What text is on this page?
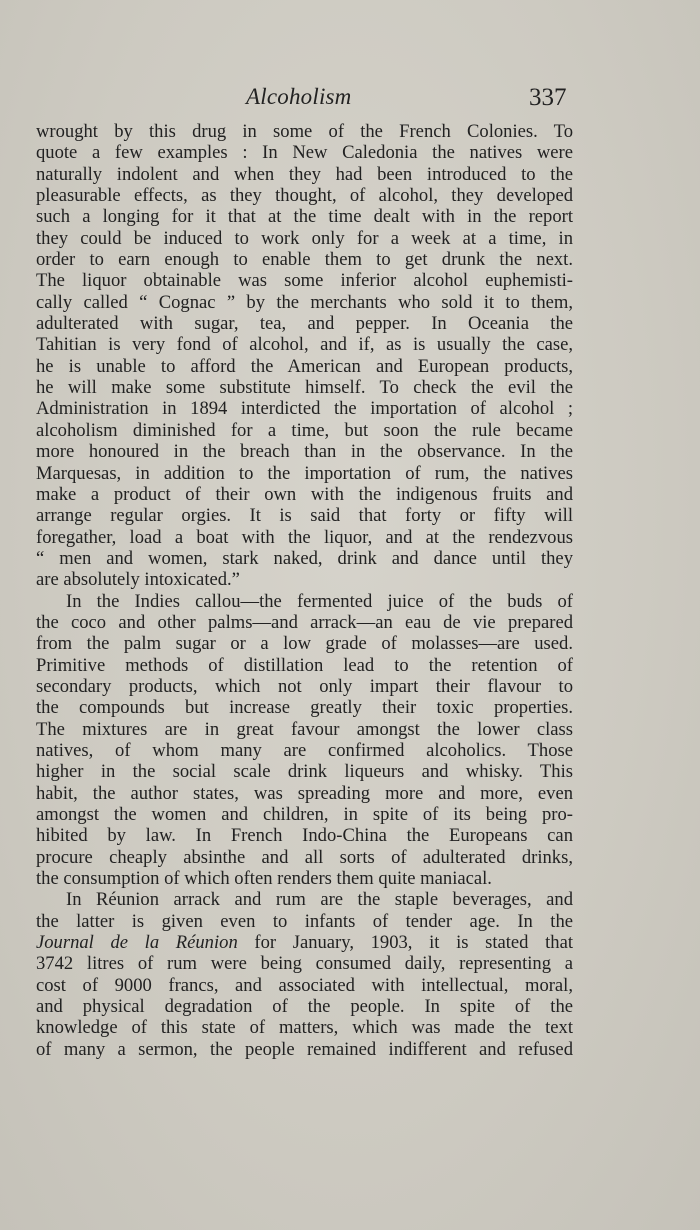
Alcoholism	337
wrought by this drug in some of the French Colonies. To
quote a few examples : In New Caledonia the natives were
naturally indolent and when they had been introduced to the
pleasurable effects, as they thought, of alcohol, they developed
such a longing for it that at the time dealt with in the report
they could be induced to work only for a week at a time, in
order to earn enough to enable them to get drunk the next.
The liquor obtainable was some inferior alcohol euphemisti-
cally called “ Cognac ” by the merchants who sold it to them,
adulterated with sugar, tea, and pepper. In Oceania the
Tahitian is very fond of alcohol, and if, as is usually the case,
he is unable to afford the American and European products,
he will make some substitute himself. To check the evil the
Administration in 1894 interdicted the importation of alcohol ;
alcoholism diminished for a time, but soon the rule became
more honoured in the breach than in the observance. In the
Marquesas, in addition to the importation of rum, the natives
make a product of their own with the indigenous fruits and
arrange regular orgies. It is said that forty or fifty will
foregather, load a boat with the liquor, and at the rendezvous
“ men and women, stark naked, drink and dance until they
are absolutely intoxicated.”
In the Indies callou—the fermented juice of the buds of
the coco and other palms—and arrack—an eau de vie prepared
from the palm sugar or a low grade of molasses—are used.
Primitive methods of distillation lead to the retention of
secondary products, which not only impart their flavour to
the compounds but increase greatly their toxic properties.
The mixtures are in great favour amongst the lower class
natives, of whom many are confirmed alcoholics. Those
higher in the social scale drink liqueurs and whisky. This
habit, the author states, was spreading more and more, even
amongst the women and children, in spite of its being pro-
hibited by law. In French Indo-China the Europeans can
procure cheaply absinthe and all sorts of adulterated drinks,
the consumption of which often renders them quite maniacal.
In Réunion arrack and rum are the staple beverages, and
the latter is given even to infants of tender age. In the
Journal de la Réunion for January, 1903, it is stated that
3742 litres of rum were being consumed daily, representing a
cost of 9000 francs, and associated with intellectual, moral,
and physical degradation of the people. In spite of the
knowledge of this state of matters, which was made the text
of many a sermon, the people remained indifferent and refused
